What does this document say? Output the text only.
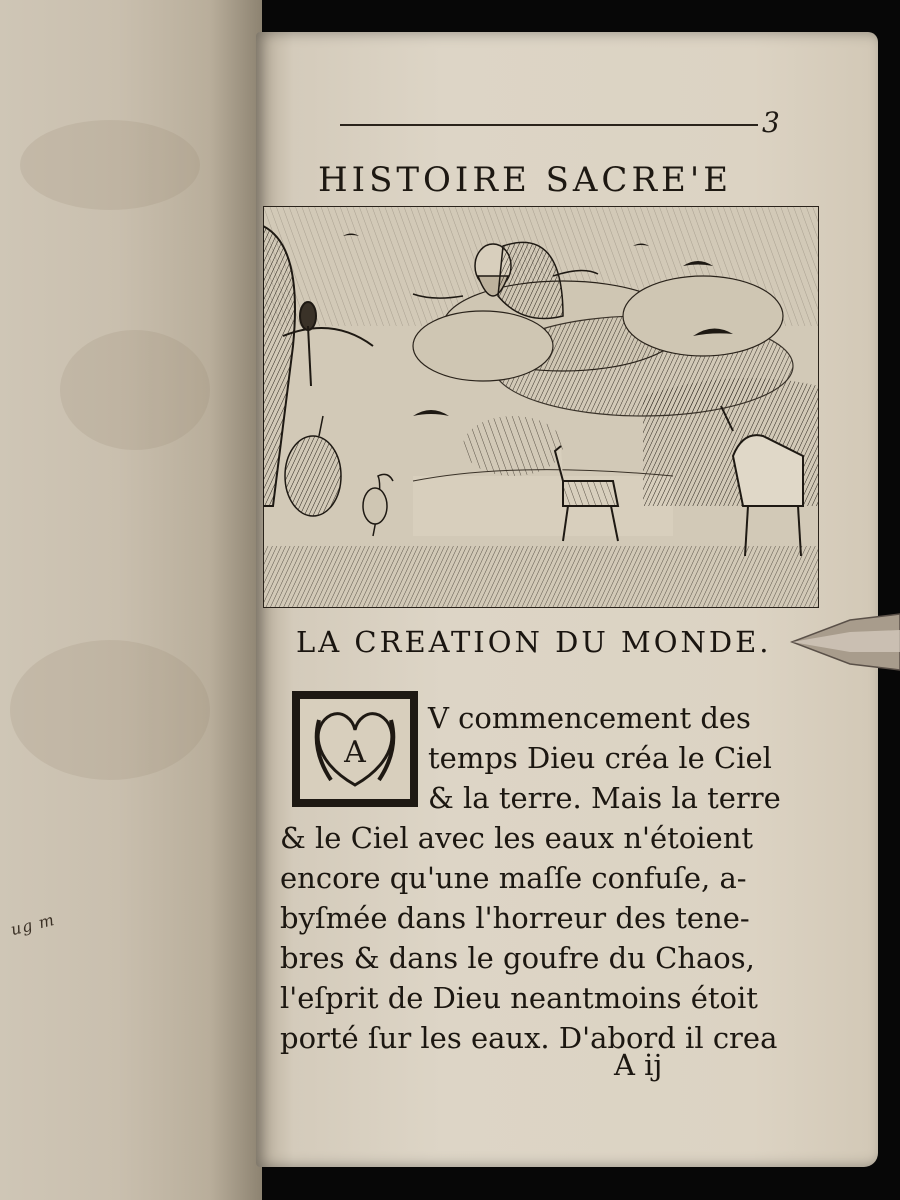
ug m
3
HISTOIRE SACRE'E
LA CREATION DU MONDE.
A
V commencement des
temps Dieu créa le Ciel
& la terre. Mais la terre
& le Ciel avec les eaux n'étoient
encore qu'une maſſe confuſe, a-
byſmée dans l'horreur des tene-
bres & dans le goufre du Chaos,
l'eſprit de Dieu neantmoins étoit
porté ſur les eaux. D'abord il crea
A ij
